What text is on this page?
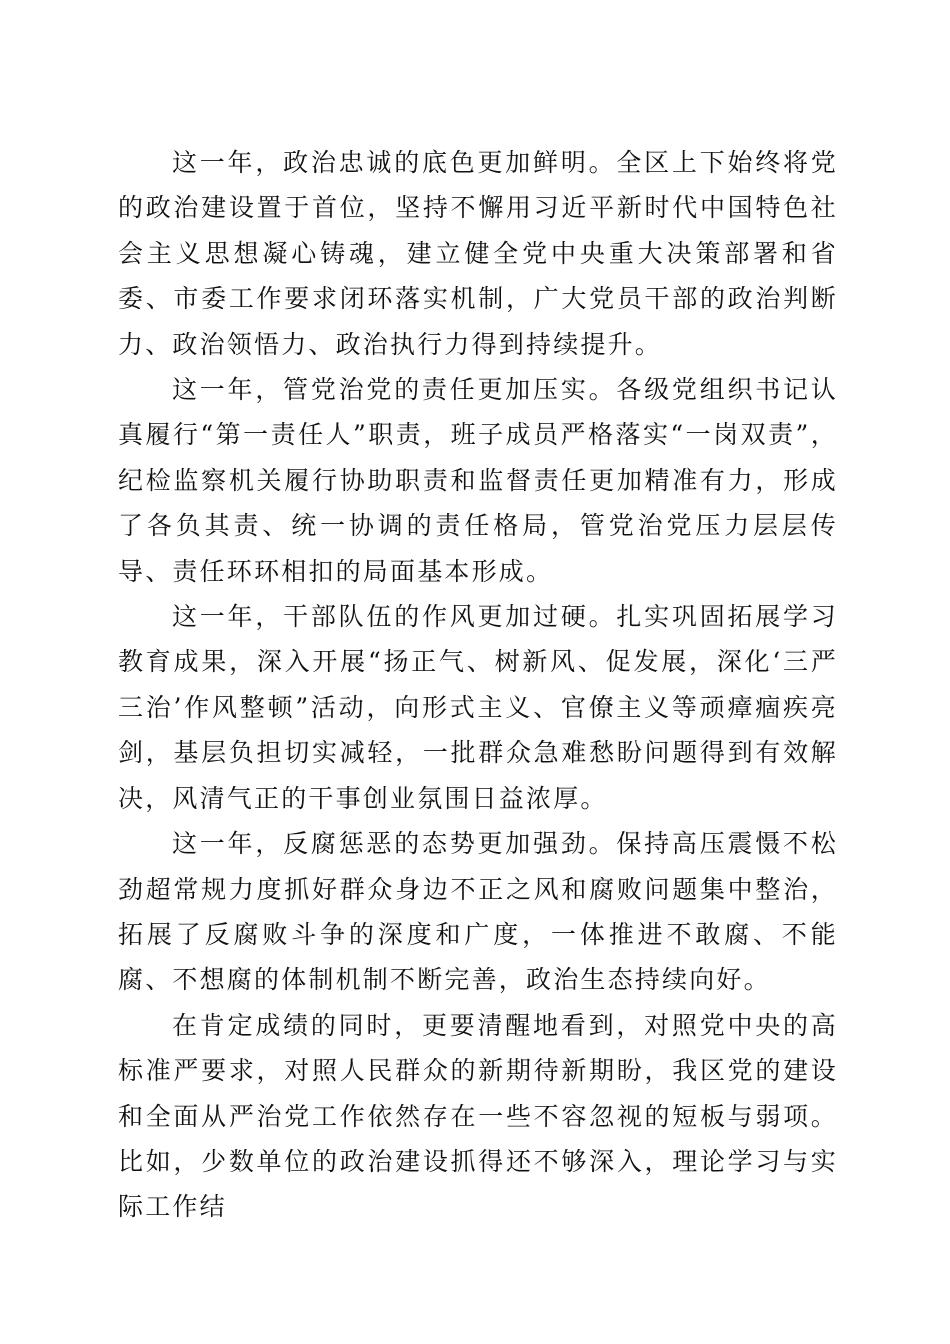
这一年，政治忠诚的底色更加鲜明。全区上下始终将党的政治建设置于首位，坚持不懈用习近平新时代中国特色社会主义思想凝心铸魂，建立健全党中央重大决策部署和省委、市委工作要求闭环落实机制，广大党员干部的政治判断力、政治领悟力、政治执行力得到持续提升。

这一年，管党治党的责任更加压实。各级党组织书记认真履行“第一责任人”职责，班子成员严格落实“一岗双责”，纪检监察机关履行协助职责和监督责任更加精准有力，形成了各负其责、统一协调的责任格局，管党治党压力层层传导、责任环环相扣的局面基本形成。

这一年，干部队伍的作风更加过硬。扎实巩固拓展学习教育成果，深入开展“扬正气、树新风、促发展，深化‘三严三治’作风整顿”活动，向形式主义、官僚主义等顽瘴痼疾亮剑，基层负担切实减轻，一批群众急难愁盼问题得到有效解决，风清气正的干事创业氛围日益浓厚。

这一年，反腐惩恶的态势更加强劲。保持高压震慑不松劲超常规力度抓好群众身边不正之风和腐败问题集中整治，拓展了反腐败斗争的深度和广度，一体推进不敢腐、不能腐、不想腐的体制机制不断完善，政治生态持续向好。

在肯定成绩的同时，更要清醒地看到，对照党中央的高标准严要求，对照人民群众的新期待新期盼，我区党的建设和全面从严治党工作依然存在一些不容忽视的短板与弱项。比如，少数单位的政治建设抓得还不够深入，理论学习与实际工作结
